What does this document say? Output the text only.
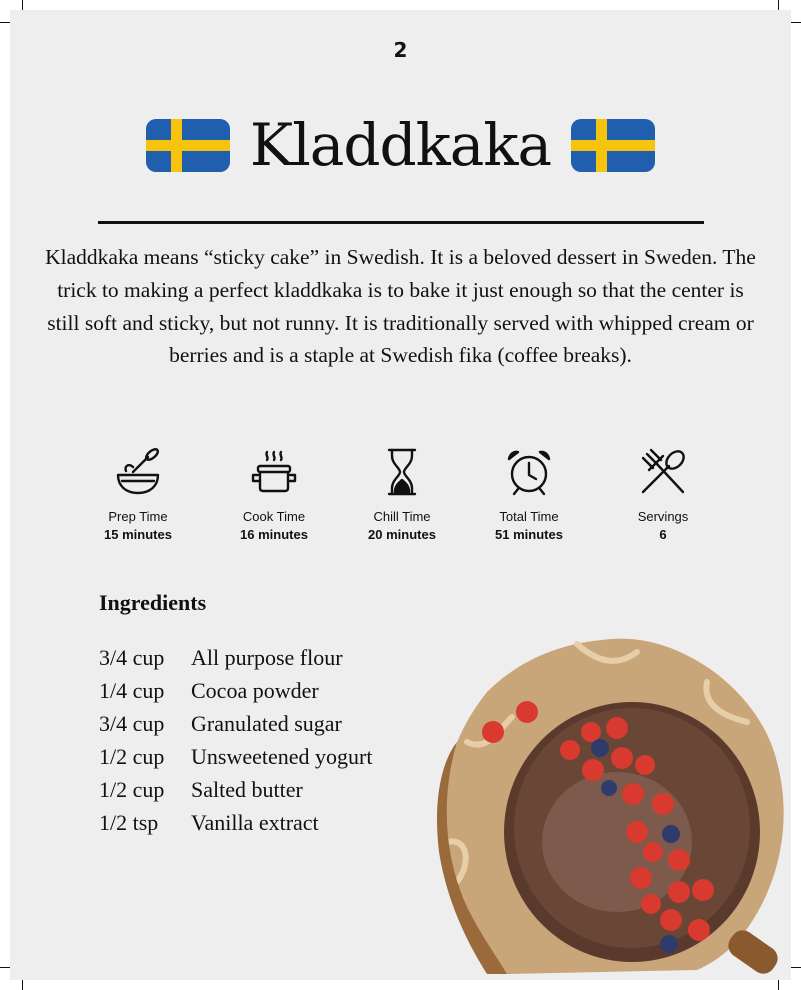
2
Kladdkaka

Kladdkaka means “sticky cake” in Swedish. It is a beloved dessert in Sweden. The trick to making a perfect kladdkaka is to bake it just enough so that the center is still soft and sticky, but not runny. It is traditionally served with whipped cream or berries and is a staple at Swedish fika (coffee breaks).

Prep Time
15 minutes
Cook Time
16 minutes
Chill Time
20 minutes
Total Time
51 minutes
Servings
6
Ingredients
3/4 cup All purpose flour
1/4 cup Cocoa powder
3/4 cup Granulated sugar
1/2 cup Unsweetened yogurt
1/2 cup Salted butter
1/2 tsp Vanilla extract
